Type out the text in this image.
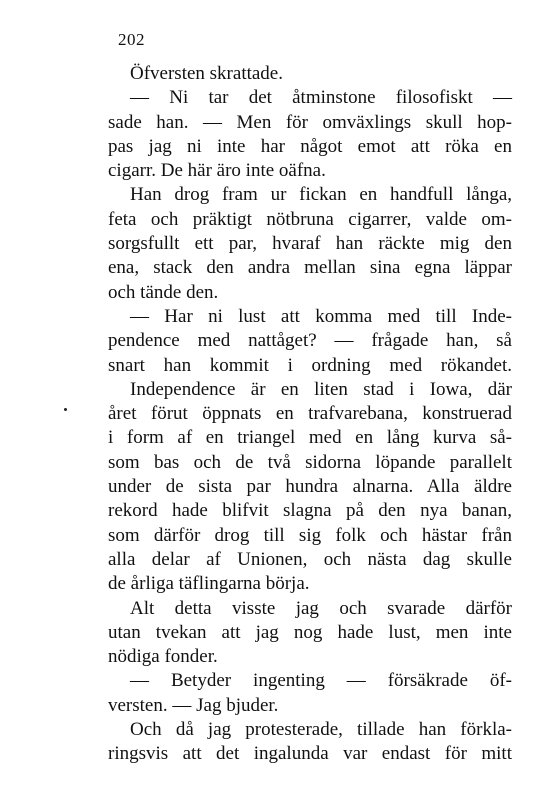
202
Öfversten skrattade.
— Ni tar det åtminstone filosofiskt —
sade han. — Men för omväxlings skull hop-
pas jag ni inte har något emot att röka en
cigarr. De här äro inte oäfna.
Han drog fram ur fickan en handfull långa,
feta och präktigt nötbruna cigarrer, valde om-
sorgsfullt ett par, hvaraf han räckte mig den
ena, stack den andra mellan sina egna läppar
och tände den.
— Har ni lust att komma med till Inde-
pendence med nattåget? — frågade han, så
snart han kommit i ordning med rökandet.
Independence är en liten stad i Iowa, där
året förut öppnats en trafvarebana, konstruerad
i form af en triangel med en lång kurva så-
som bas och de två sidorna löpande parallelt
under de sista par hundra alnarna. Alla äldre
rekord hade blifvit slagna på den nya banan,
som därför drog till sig folk och hästar från
alla delar af Unionen, och nästa dag skulle
de årliga täflingarna börja.
Alt detta visste jag och svarade därför
utan tvekan att jag nog hade lust, men inte
nödiga fonder.
— Betyder ingenting — försäkrade öf-
versten. — Jag bjuder.
Och då jag protesterade, tillade han förkla-
ringsvis att det ingalunda var endast för mitt
